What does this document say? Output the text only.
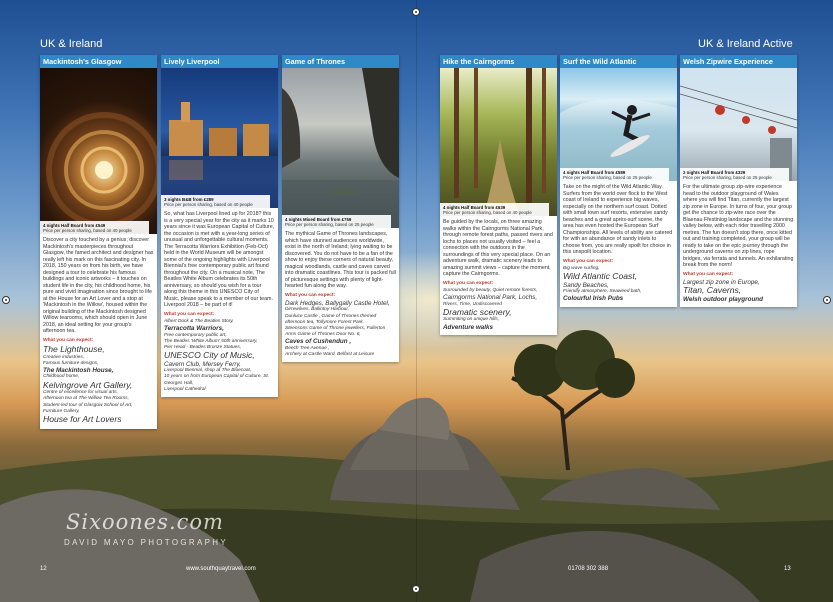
UK & Ireland	UK & Ireland Active
Mackintosh's Glasgow
4 nights Half Board from £549
Price per person sharing, based on 40 people
Discover a city touched by a genius; discover Mackintosh's masterpieces throughout Glasgow, the famed architect and designer has really left his mark on this fascinating city. In 2018, 150 years on from his birth, we have designed a tour to celebrate his famous buildings and iconic artworks – it touches on student life in the city, his childhood home, his pure and vivid imagination since brought to life at the House for an Art Lover and a stop at 'Mackintosh in the Willow', housed within the original building of the Mackintosh designed Willow tearooms, which should open in June 2018, an ideal setting for your group's afternoon tea.
What you can expect:
The Lighthouse,
Creative industries,
Famous furniture designs,
The Mackintosh House,
Childhood home,
Kelvingrove Art Gallery,
Centre of excellence for visual arts,
Afternoon tea at The Willow Tea Rooms,
Student-led tour of Glasgow School of Art,
Furniture Gallery,
House for Art Lovers
Lively Liverpool
3 nights B&B from £289
Price per person sharing, based on 40 people
So, what has Liverpool lined up for 2018? this is a very special year for the city as it marks 10 years since it was European Capital of Culture, the occasion is met with a year-long series of unusual and unforgettable cultural moments. The Terracotta Warriors Exhibition (Feb-Oct) held in the World Museum will be amongst some of the ongoing highlights with Liverpool Biennial's free contemporary public art found throughout the city. On a musical note, The Beatles White Album celebrates its 50th anniversary, so should you wish for a tour along this theme in this UNESCO City of Music, please speak to a member of our team. Liverpool 2018 – be part of it!
What you can expect:
Albert Dock & The Beatles Story,
Terracotta Warriors,
Free contemporary public art,
The Beatles 'White Album' 50th anniversary,
Pier Head - Beatles Bronze Statues,
UNESCO City of Music,
Cavern Club, Mersey Ferry,
Liverpool Biennial, shop at The Bluecoat,
10 years on from European Capital of Culture, St. Georges Hall,
Liverpool Cathedral
Game of Thrones
4 nights Mixed Board from £759
Price per person sharing, based on 25 people
The mythical Game of Thrones landscapes, which have stunned audiences worldwide, exist in the north of Ireland; lying waiting to be discovered. You do not have to be a fan of the show to enjoy these corners of natural beauty, magical woodlands, castle and caves carved into dramatic coastlines. This tour is packed full of picturesque settings with plenty of light-hearted fun along the way.
What you can expect:
Dark Hedges, Ballygally Castle Hotel,
Dirrewilves, Ballintoy Harbour,
Dunluce Castle , Game of Thrones themed afternoon tea, Tollymore Forest Park,
Steensons Game of Throne jewellers, Fullerton Arms Game of Thrones Door No. 6,
Caves of Cushendun ,
Beech Tree Avenue ,
Archery at Castle Ward, Belfast at Leisure
Hike the Cairngorms
4 nights Half Board from £639
Price per person sharing, based on 40 people
Be guided by the locals, on three amazing walks within the Cairngorms National Park, through remote forest paths, passed rivers and lochs to places not usually visited – feel a connection with the outdoors in the surroundings of this very special place. On an adventure walk, dramatic scenery leads to amazing summit views – capture the moment, capture the Cairngorms.
What you can expect:
Surrounded by beauty, Quiet remote forests,
Cairngorms National Park, Lochs,
Rivers, Time, Undiscovered
Dramatic scenery,
Summiting on unique hills,
Adventure walks
Surf the Wild Atlantic
4 nights Half Board from £589
Price per person sharing, based on 25 people
Take on the might of the Wild Atlantic Way. Surfers from the world over flock to the West coast of Ireland to experience big waves, especially on the northern surf coast. Dotted with small town surf resorts, extensive sandy beaches and a great après-surf scene, the area has even hosted the European Surf Championships. All levels of ability are catered for with an abundance of sandy inlets to choose from, you are really spoilt for choice in this unspoilt location.
What you can expect:
Big wave surfing,
Wild Atlantic Coast,
Sandy Beaches,
Friendly atmosphere, Seaweed bath,
Colourful Irish Pubs
Welsh Zipwire Experience
2 nights Half Board from £329
Price per person sharing, based on 25 people
For the ultimate group zip-wire experience head to the outdoor playground of Wales where you will find Titan, currently the largest zip zone in Europe. In turns of four, your group get the chance to zip-wire race over the Blaenau Ffestiniog landscape and the stunning valley below, with each rider travelling 2000 metres. The fun doesn't stop there, once kitted out and training completed, your group will be ready to take on the epic journey through the underground caverns on zip lines, rope bridges, via ferrata and tunnels. An exhilarating break from the norm!
What you can expect:
Largest zip zone in Europe,
Titan, Caverns,
Welsh outdoor playground
Sixoones.com
DAVID MAYO PHOTOGRAPHY
12	www.southquaytravel.com	01708 302 388	13
